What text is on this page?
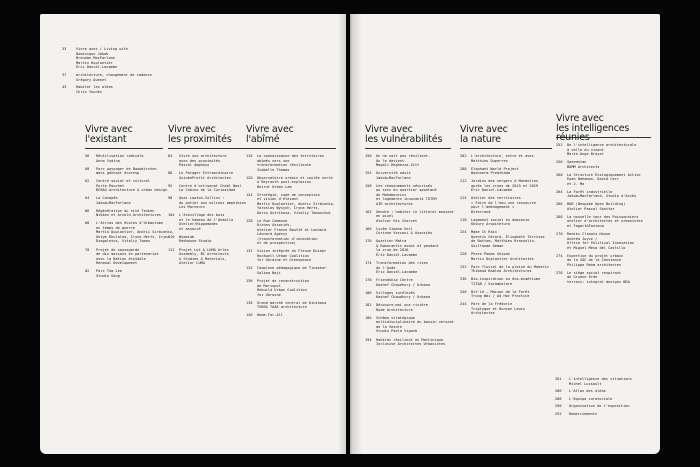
33	Vivre avec / Living with
Dominique Jakob
Brendan MacFarlane
Martin Duplantier
Éric Daniel-Lacombe
37	Architecture, changement de cadence
Grégory Quenet
43	Habiter les aléas
Chris Younès
Vivre avec
l'existant
56	Réutilisation radicale
Anna Yudina
60	Parc paysager de Baumkirchen
mais gâchant écoresp
62	Centre social et culturel
Porte-Pouchet
BCBAG architecture & urban design
64	La Canopée
Jakob+MacFarlane
66	Régénération du site Tenken
Nikken et Arnold Architectures
68	L'Atrias des écoles d'Urbanisme
en temps de guerre
Martin Duplantier, Andrii Sirbienko,
Ostym Khulalea, Iryna Herts, Iryna
Dzogoletus, Vitaliy Tomos
70	Projet de sauvegarde
de dix maisons en partenariat
avec la Nation étoïdale
Renewal Development
82	Parc Tom Lee
Studio Gang
Vivre avec
les proximités
84	Vivre une architecture
avec des proximités
Pascal Amphoux
88	Le Potager Extraordinaire
GuinéeProfit Architectes
92	Centre d'artisanat Chabl Nasl
La Cabine de la Curiosidad
98	Quai Lawton-Collins :
du potier aux milieux amphibies
Les Marneurs
104 L'écovillage des bois
et le hameau de l'Andalla
Atelier/Hippomadec
et associé
110 Wyomiab
Redhouse Studio
112 Projet Lot & LUMA Arles
Assembly, BC Architects
& Studies & Materials,
Atelier LUMA
Vivre avec
l'abîmé
116 La connaissance des territoires
abîmés vers une
transformation résiliente
Isabelle Thomas
120 Observatoire urbain et coulée verte
à Beyrouth post-explosion
Beirut Urban Lab
124 Stratégie, code de conception
et vision d'élevant
Martin Duplantier, Andrii Sirbienko,
Yaroslav Wysych, Iryna Herts,
Daria Ostrikova, Vitaliy Tomaschuk
128 La Rue Commune
Riches Associés,
Atelier Franck Boutté et Leonard
Léonard Agency
(transformation d'innovation
et de prospective)
132 Vision intégrée du Fleuve Dniepr
Rockwell Urban Coalition
for Ukraine et Greenpeace
134 Complexe pédagogique de Tinaskar
Salima Naji
136 Projet de reconstruction
de Mariupol
Rebuild Urban Coalition
for Ukraine
138 Grand marché central de Kinshasa
TVBSK TAAK architecture
140 Home-For-All
Vivre avec
les vulnérabilités
150 On ne naît pas résilient.
On le devient.
Magali Reghezza-Zitt
154 Université oasis
Jakob+MacFarlane
158 Les cheminements sécurisés
au sein du quartier spontané
de Mahabourini
et logements innovants TOTEM
AIR architectures
162 Gendre : habiter le littoral mouvant
en pixel
Atelier His Charvet
166 Lycée Simone-Veil
Corinne Vezzoni & Associés
170 Quartier Matra
& Romorantin avant et pendant
la crue de 2016
Éric Daniel-Lacombe
174 Transformation des rives
de l'Aude
Éric Daniel-Lacombe
178 Friendship Centre
Kashef Chowdhury / Urbana
180 Villages surélevés
Kashef Chowdhury / Urbana
182 Découvre-moi une rivière
Rude Architecture
186 Schéma stratégique
multidisciplinaire du bassin versant
de la Vesdre
Studio Paola Viganò
194 Habitat résilient en Martinique
Inclusive Architectes Urbanistes
Vivre avec
la nature
202 L'architecture, entre et avec
Matthieu Duperrex
208 Elephant World Project
Boonserm Premthada
212 Jardins des vergers à Mandelieu
après les crues de 2015 et 2019
Éric Daniel-Lacombe
214 Atelier des territoires
« Faire de l'eau une ressource
pour l'aménagement »
Biterrand
218 Logement social en Amazonie
Khoury Arquitetura
224 Make It Rain
Quentin Gérard, Élisabeth Terrisse
de Bottom, Matthieu Brasselin,
Guillaume Oeman
228 Phare Pomas Seipas
Martin Duplantier Architectes
232 Parc fluvial de la plaine du Mahariv
Thibaud Babled Architectures
236 Bio-inspiration ou éco-mimétisme
TIT&N / Saramkolare
240 Bit'ié — Maison de la Forêt
Trung Wai / Ad Hoc Practice
244 Parc de la Frédorie
Triptyque et Duncan Lewis
Architectes
Vivre avec
les intelligences
réunies
252 De l'intelligence architecturale
à celle du vivant
Marie-Ange Brayer
256 Speedstan
BOMM Architects
260 La Structure Écologiquement Active
Ewan Bahamon, David Carr
et J. Ma
264 La Forêt industrielle
Jakob+MacFarlane, Studio d'Accès
266 BOB (Bespoke Open Building)
Atelier Pascal Sonttar
268 La nouvelle tour des Poissonniers
atelier d'architectes et urbanistes
et Fagart&Fontana
270 Remiks Climate-House
Andréa Joyce /
Office for Political Innovation
et Miguel Mesa del Castillo
274 Expertise du projet urbain
de la ZAC de la Constance
Philippe Rahm architectes
278 Le siège social respirant
de Gruene Erde
terrain: integral designs BDA
281	L'intelligence des situations
Michel Lussault
286	L'Atlas des aléas
288	L'équipe curatoriale
290	Organisation de l'exposition
292	Remerciements
